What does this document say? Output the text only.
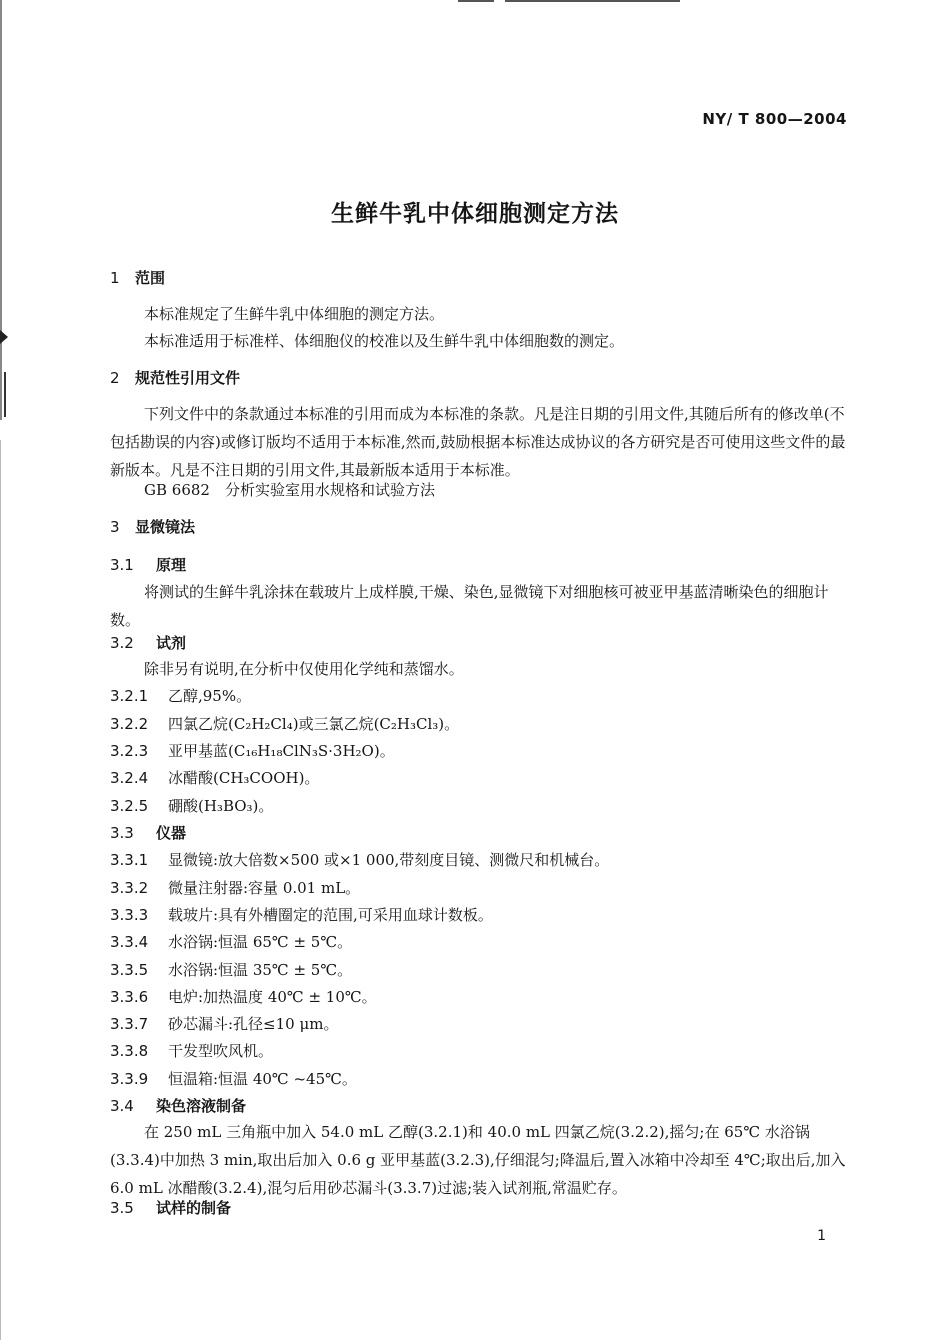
NY/ T 800—2004
生鲜牛乳中体细胞测定方法
1 范围
本标准规定了生鲜牛乳中体细胞的测定方法。
本标准适用于标准样、体细胞仪的校准以及生鲜牛乳中体细胞数的测定。
2 规范性引用文件
下列文件中的条款通过本标准的引用而成为本标准的条款。凡是注日期的引用文件,其随后所有的修改单(不包括勘误的内容)或修订版均不适用于本标准,然而,鼓励根据本标准达成协议的各方研究是否可使用这些文件的最新版本。凡是不注日期的引用文件,其最新版本适用于本标准。
GB 6682　分析实验室用水规格和试验方法
3 显微镜法
3.1 原理
将测试的生鲜牛乳涂抹在载玻片上成样膜,干燥、染色,显微镜下对细胞核可被亚甲基蓝清晰染色的细胞计数。
3.2 试剂
除非另有说明,在分析中仅使用化学纯和蒸馏水。
3.2.1 乙醇,95%。
3.2.2 四氯乙烷(C₂H₂Cl₄)或三氯乙烷(C₂H₃Cl₃)。
3.2.3 亚甲基蓝(C₁₆H₁₈ClN₃S·3H₂O)。
3.2.4 冰醋酸(CH₃COOH)。
3.2.5 硼酸(H₃BO₃)。
3.3 仪器
3.3.1 显微镜:放大倍数×500 或×1 000,带刻度目镜、测微尺和机械台。
3.3.2 微量注射器:容量 0.01 mL。
3.3.3 载玻片:具有外槽圈定的范围,可采用血球计数板。
3.3.4 水浴锅:恒温 65℃ ± 5℃。
3.3.5 水浴锅:恒温 35℃ ± 5℃。
3.3.6 电炉:加热温度 40℃ ± 10℃。
3.3.7 砂芯漏斗:孔径≤10 μm。
3.3.8 干发型吹风机。
3.3.9 恒温箱:恒温 40℃ ~45℃。
3.4 染色溶液制备
在 250 mL 三角瓶中加入 54.0 mL 乙醇(3.2.1)和 40.0 mL 四氯乙烷(3.2.2),摇匀;在 65℃ 水浴锅(3.3.4)中加热 3 min,取出后加入 0.6 g 亚甲基蓝(3.2.3),仔细混匀;降温后,置入冰箱中冷却至 4℃;取出后,加入 6.0 mL 冰醋酸(3.2.4),混匀后用砂芯漏斗(3.3.7)过滤;装入试剂瓶,常温贮存。
3.5 试样的制备
1
